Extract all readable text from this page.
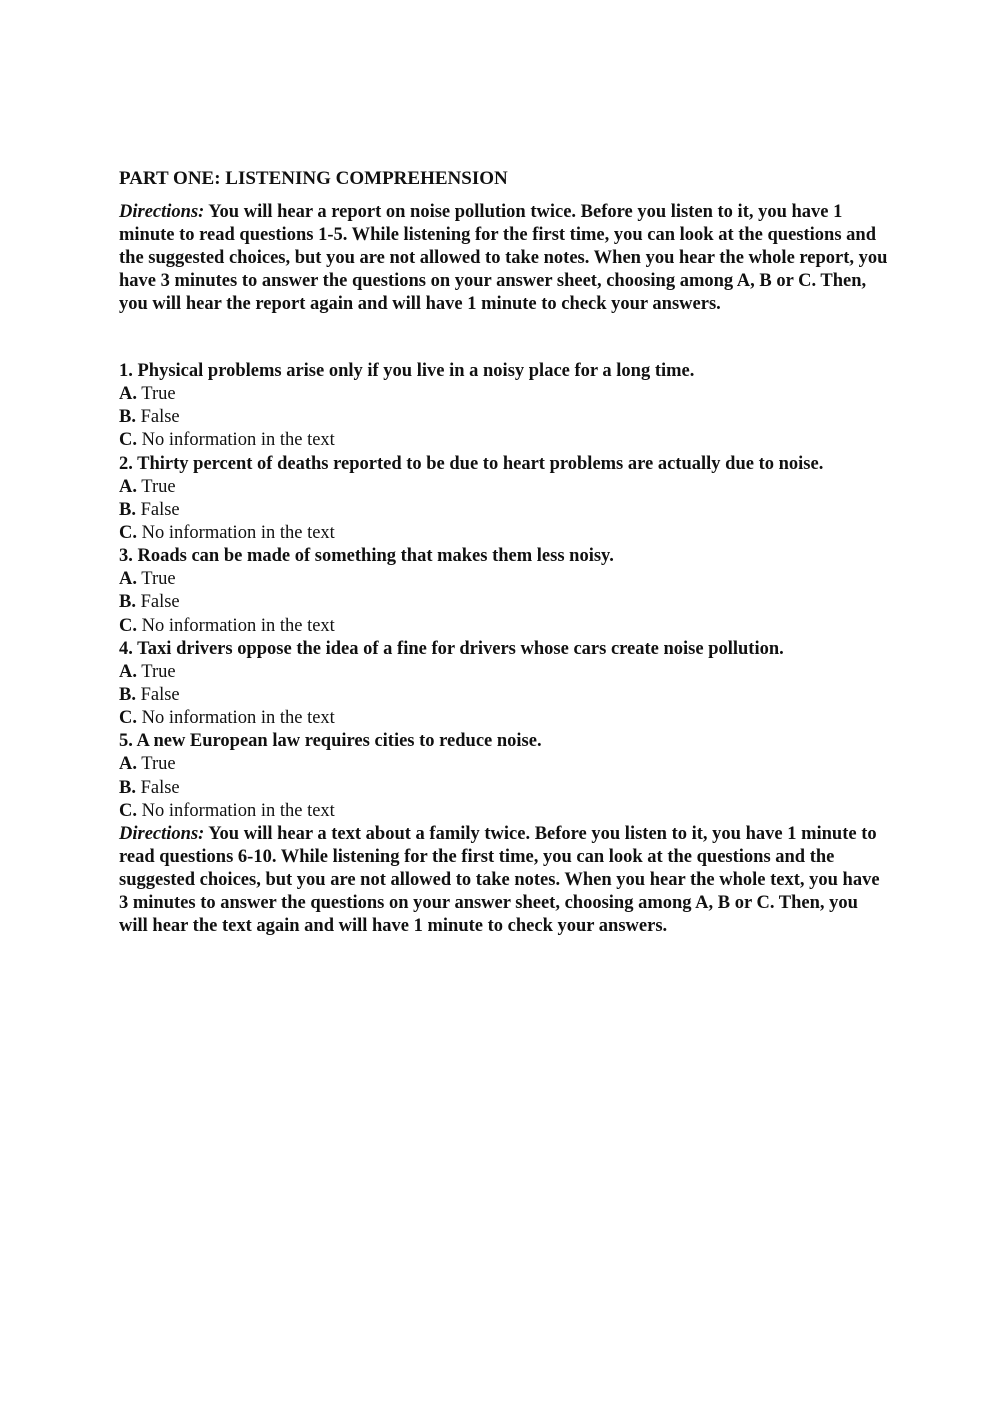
PART ONE: LISTENING COMPREHENSION

Directions: You will hear a report on noise pollution twice. Before you listen to it, you have 1 minute to read questions 1-5. While listening for the first time, you can look at the questions and the suggested choices, but you are not allowed to take notes. When you hear the whole report, you have 3 minutes to answer the questions on your answer sheet, choosing among A, B or C. Then, you will hear the report again and will have 1 minute to check your answers.

1. Physical problems arise only if you live in a noisy place for a long time.

A. True

B. False

C. No information in the text

2. Thirty percent of deaths reported to be due to heart problems are actually due to noise.

A. True

B. False

C. No information in the text

3. Roads can be made of something that makes them less noisy.

A. True

B. False

C. No information in the text

4. Taxi drivers oppose the idea of a fine for drivers whose cars create noise pollution.

A. True

B. False

C. No information in the text

5. A new European law requires cities to reduce noise.

A. True

B. False

C. No information in the text

Directions: You will hear a text about a family twice. Before you listen to it, you have 1 minute to read questions 6-10. While listening for the first time, you can look at the questions and the suggested choices, but you are not allowed to take notes. When you hear the whole text, you have 3 minutes to answer the questions on your answer sheet, choosing among A, B or C. Then, you will hear the text again and will have 1 minute to check your answers.
